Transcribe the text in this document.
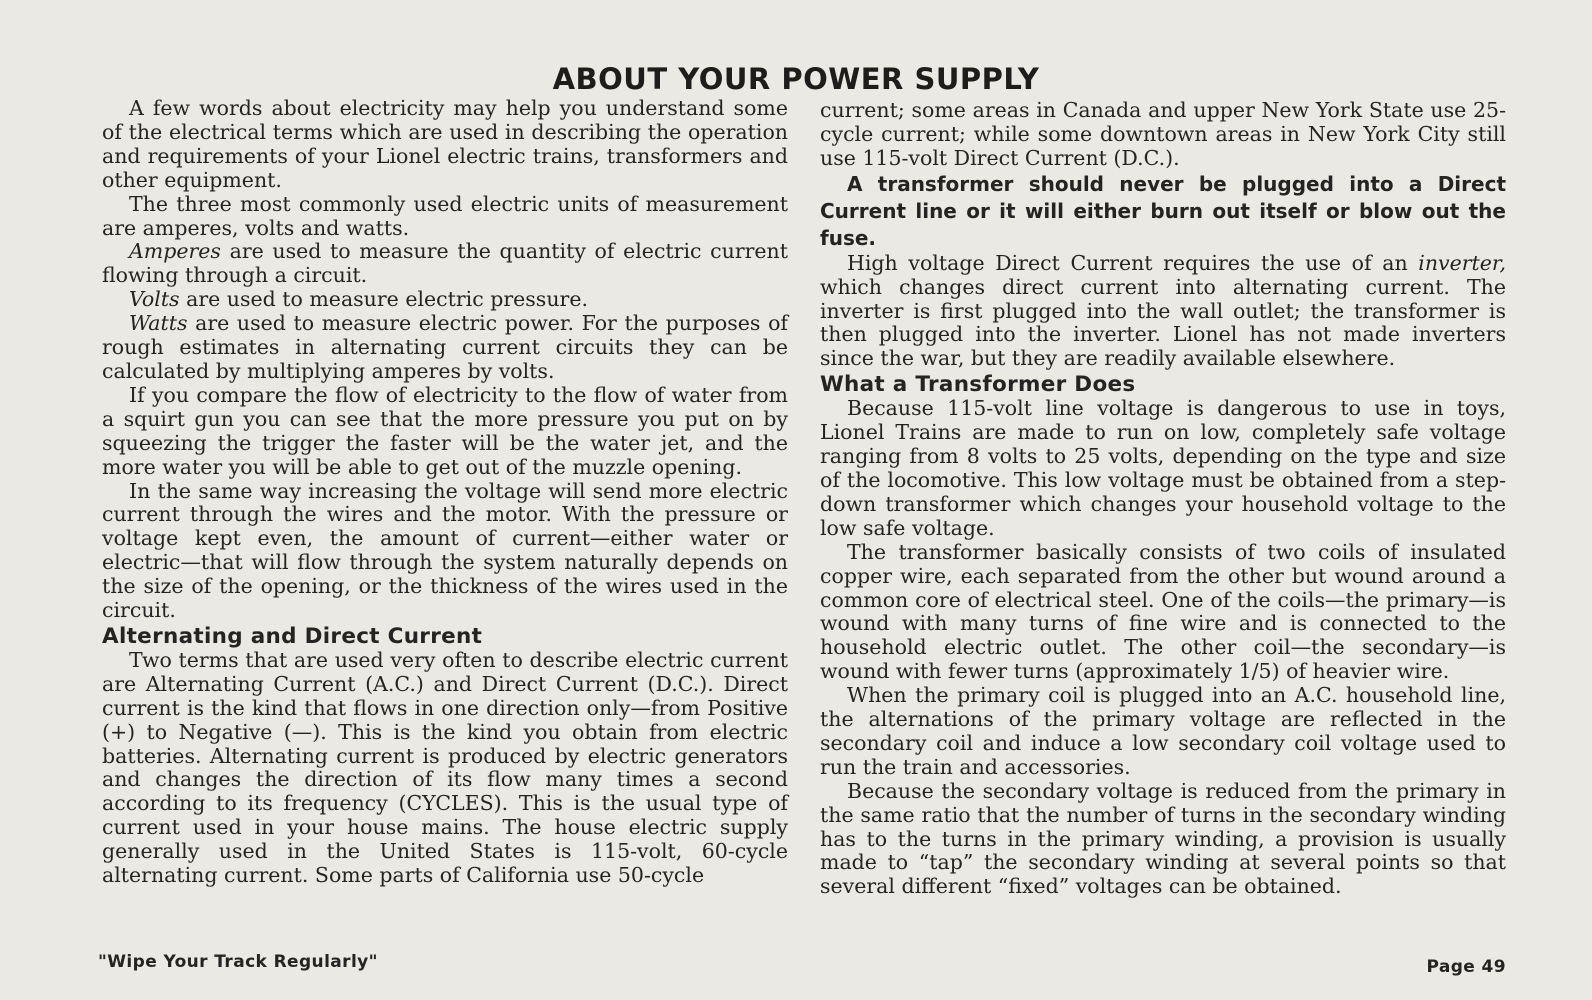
ABOUT YOUR POWER SUPPLY

A few words about electricity may help you understand some of the electrical terms which are used in describing the operation and requirements of your Lionel electric trains, transformers and other equipment.

The three most commonly used electric units of measurement are amperes, volts and watts.

Amperes are used to measure the quantity of electric current flowing through a circuit.

Volts are used to measure electric pressure.

Watts are used to measure electric power. For the purposes of rough estimates in alternating current circuits they can be calculated by multiplying amperes by volts.

If you compare the flow of electricity to the flow of water from a squirt gun you can see that the more pressure you put on by squeezing the trigger the faster will be the water jet, and the more water you will be able to get out of the muzzle opening.

In the same way increasing the voltage will send more electric current through the wires and the motor. With the pressure or voltage kept even, the amount of current—either water or electric—that will flow through the system naturally depends on the size of the opening, or the thickness of the wires used in the circuit.

Alternating and Direct Current

Two terms that are used very often to describe electric current are Alternating Current (A.C.) and Direct Current (D.C.). Direct current is the kind that flows in one direction only—from Positive (+) to Negative (—). This is the kind you obtain from electric batteries. Alternating current is produced by electric generators and changes the direction of its flow many times a second according to its frequency (CYCLES). This is the usual type of current used in your house mains. The house electric supply generally used in the United States is 115-volt, 60-cycle alternating current. Some parts of California use 50-cycle

current; some areas in Canada and upper New York State use 25-cycle current; while some downtown areas in New York City still use 115-volt Direct Current (D.C.).

A transformer should never be plugged into a Direct Current line or it will either burn out itself or blow out the fuse.

High voltage Direct Current requires the use of an inverter, which changes direct current into alternating current. The inverter is first plugged into the wall outlet; the transformer is then plugged into the inverter. Lionel has not made inverters since the war, but they are readily available elsewhere.

What a Transformer Does

Because 115-volt line voltage is dangerous to use in toys, Lionel Trains are made to run on low, completely safe voltage ranging from 8 volts to 25 volts, depending on the type and size of the locomotive. This low voltage must be obtained from a step-down transformer which changes your household voltage to the low safe voltage.

The transformer basically consists of two coils of insulated copper wire, each separated from the other but wound around a common core of electrical steel. One of the coils—the primary—is wound with many turns of fine wire and is connected to the household electric outlet. The other coil—the secondary—is wound with fewer turns (approximately 1/5) of heavier wire.

When the primary coil is plugged into an A.C. household line, the alternations of the primary voltage are reflected in the secondary coil and induce a low secondary coil voltage used to run the train and accessories.

Because the secondary voltage is reduced from the primary in the same ratio that the number of turns in the secondary winding has to the turns in the primary winding, a provision is usually made to “tap” the secondary winding at several points so that several different “fixed” voltages can be obtained.

"Wipe Your Track Regularly"	Page 49
